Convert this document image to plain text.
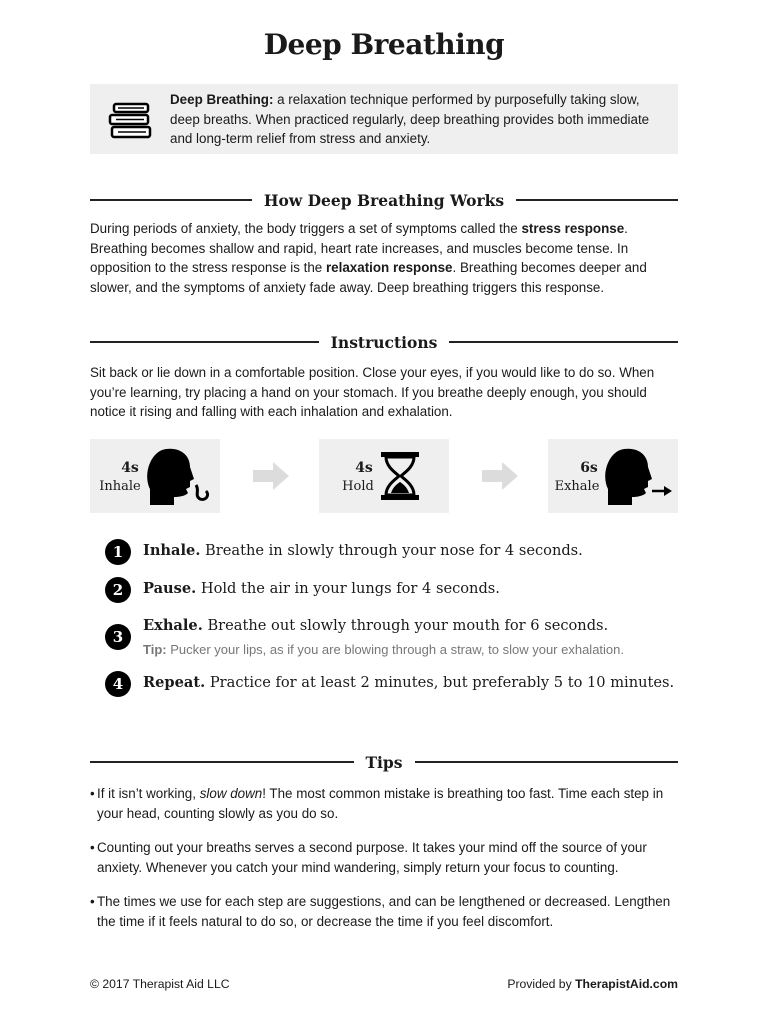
Deep Breathing
Deep Breathing: a relaxation technique performed by purposefully taking slow, deep breaths. When practiced regularly, deep breathing provides both immediate and long-term relief from stress and anxiety.
How Deep Breathing Works
During periods of anxiety, the body triggers a set of symptoms called the stress response. Breathing becomes shallow and rapid, heart rate increases, and muscles become tense. In opposition to the stress response is the relaxation response. Breathing becomes deeper and slower, and the symptoms of anxiety fade away. Deep breathing triggers this response.
Instructions
Sit back or lie down in a comfortable position. Close your eyes, if you would like to do so. When you’re learning, try placing a hand on your stomach. If you breathe deeply enough, you should notice it rising and falling with each inhalation and exhalation.
4s
Inhale
4s
Hold
6s
Exhale
1	Inhale. Breathe in slowly through your nose for 4 seconds.
2	Pause. Hold the air in your lungs for 4 seconds.
3
Exhale. Breathe out slowly through your mouth for 6 seconds.
Tip: Pucker your lips, as if you are blowing through a straw, to slow your exhalation.
4	Repeat. Practice for at least 2 minutes, but preferably 5 to 10 minutes.
Tips
• If it isn’t working, slow down! The most common mistake is breathing too fast. Time each step in your head, counting slowly as you do so.
• Counting out your breaths serves a second purpose. It takes your mind off the source of your anxiety. Whenever you catch your mind wandering, simply return your focus to counting.
• The times we use for each step are suggestions, and can be lengthened or decreased. Lengthen the time if it feels natural to do so, or decrease the time if you feel discomfort.
© 2017 Therapist Aid LLC	Provided by TherapistAid.com
